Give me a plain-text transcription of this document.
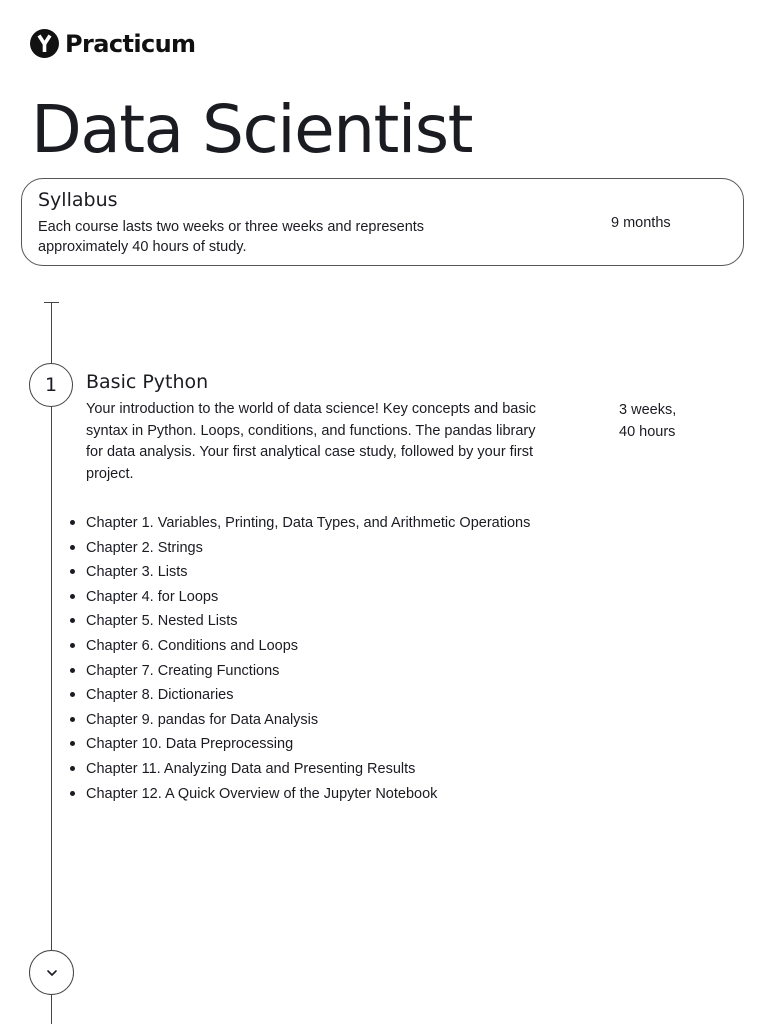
Practicum
Data Scientist
Syllabus
Each course lasts two weeks or three weeks and represents approximately 40 hours of study.
9 months
1 Basic Python
Your introduction to the world of data science! Key concepts and basic syntax in Python. Loops, conditions, and functions. The pandas library for data analysis. Your first analytical case study, followed by your first project.
3 weeks,
40 hours
Chapter 1. Variables, Printing, Data Types, and Arithmetic Operations
Chapter 2. Strings
Chapter 3. Lists
Chapter 4. for Loops
Chapter 5. Nested Lists
Chapter 6. Conditions and Loops
Chapter 7. Creating Functions
Chapter 8. Dictionaries
Chapter 9. pandas for Data Analysis
Chapter 10. Data Preprocessing
Chapter 11. Analyzing Data and Presenting Results
Chapter 12. A Quick Overview of the Jupyter Notebook
